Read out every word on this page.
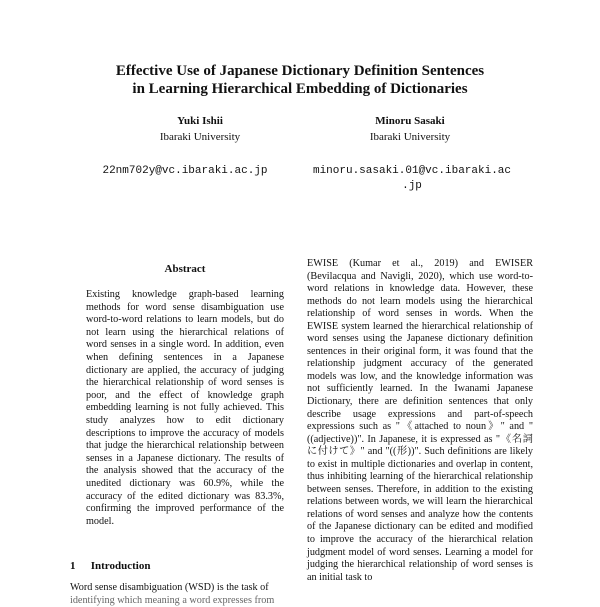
Effective Use of Japanese Dictionary Definition Sentences
in Learning Hierarchical Embedding of Dictionaries
Yuki Ishii
Ibaraki University
Minoru Sasaki
Ibaraki University
22nm702y@vc.ibaraki.ac.jp	minoru.sasaki.01@vc.ibaraki.ac
.jp
Abstract
Existing knowledge graph-based learning methods for word sense disambiguation use word-to-word relations to learn models, but do not learn using the hierarchical relations of word senses in a single word. In addition, even when defining sentences in a Japanese dictionary are applied, the accuracy of judging the hierarchical relationship of word senses is poor, and the effect of knowledge graph embedding learning is not fully achieved. This study analyzes how to edit dictionary descriptions to improve the accuracy of models that judge the hierarchical relationship between senses in a Japanese dictionary. The results of the analysis showed that the accuracy of the unedited dictionary was 60.9%, while the accuracy of the edited dictionary was 83.3%, confirming the improved performance of the model.
1 Introduction
Word sense disambiguation (WSD) is the task of
identifying which meaning a word expresses from
EWISE (Kumar et al., 2019) and EWISER (Bevilacqua and Navigli, 2020), which use word-to-word relations in knowledge data. However, these methods do not learn models using the hierarchical relationship of word senses in words. When the EWISE system learned the hierarchical relationship of word senses using the Japanese dictionary definition sentences in their original form, it was found that the relationship judgment accuracy of the generated models was low, and the knowledge information was not sufficiently learned. In the Iwanami Japanese Dictionary, there are definition sentences that only describe usage expressions and part-of-speech expressions such as "《attached to noun》" and "((adjective))". In Japanese, it is expressed as "《名詞に付けて》" and "((形))". Such definitions are likely to exist in multiple dictionaries and overlap in content, thus inhibiting learning of the hierarchical relationship between senses. Therefore, in addition to the existing relations between words, we will learn the hierarchical relations of word senses and analyze how the contents of the Japanese dictionary can be edited and modified to improve the accuracy of the hierarchical relation judgment model of word senses. Learning a model for judging the hierarchical relationship of word senses is an initial task to
